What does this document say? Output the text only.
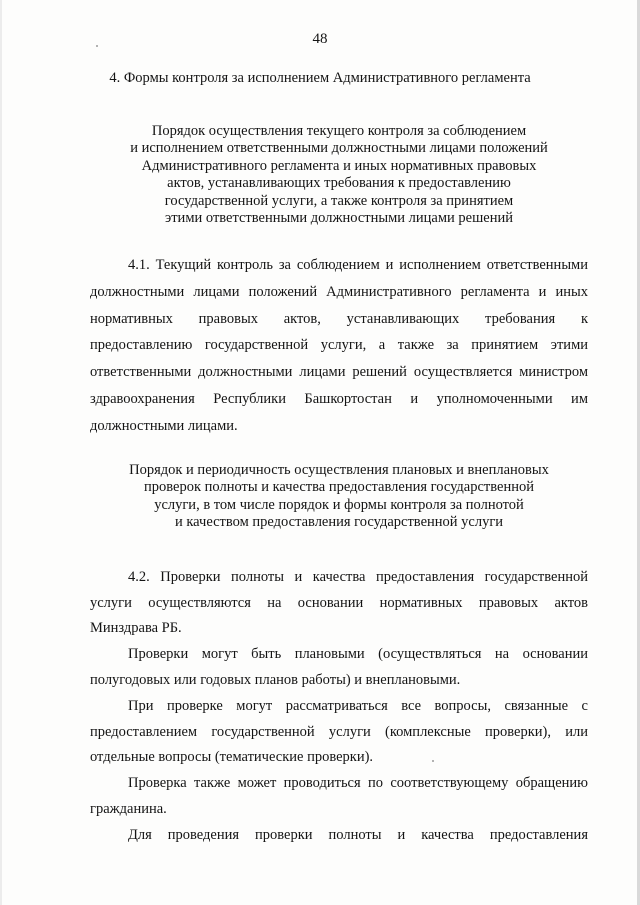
48
4. Формы контроля за исполнением Административного регламента
Порядок осуществления текущего контроля за соблюдением
и исполнением ответственными должностными лицами положений
Административного регламента и иных нормативных правовых
актов, устанавливающих требования к предоставлению
государственной услуги, а также контроля за принятием
этими ответственными должностными лицами решений
4.1. Текущий контроль за соблюдением и исполнением ответственными
должностными лицами положений Административного регламента и иных
нормативных правовых актов, устанавливающих требования к
предоставлению государственной услуги, а также за принятием этими
ответственными должностными лицами решений осуществляется министром
здравоохранения Республики Башкортостан и уполномоченными им
должностными лицами.
Порядок и периодичность осуществления плановых и внеплановых
проверок полноты и качества предоставления государственной
услуги, в том числе порядок и формы контроля за полнотой
и качеством предоставления государственной услуги
4.2. Проверки полноты и качества предоставления государственной
услуги осуществляются на основании нормативных правовых актов
Минздрава РБ.
Проверки могут быть плановыми (осуществляться на основании
полугодовых или годовых планов работы) и внеплановыми.
При проверке могут рассматриваться все вопросы, связанные с
предоставлением государственной услуги (комплексные проверки), или
отдельные вопросы (тематические проверки).
Проверка также может проводиться по соответствующему обращению
гражданина.
Для проведения проверки полноты и качества предоставления
